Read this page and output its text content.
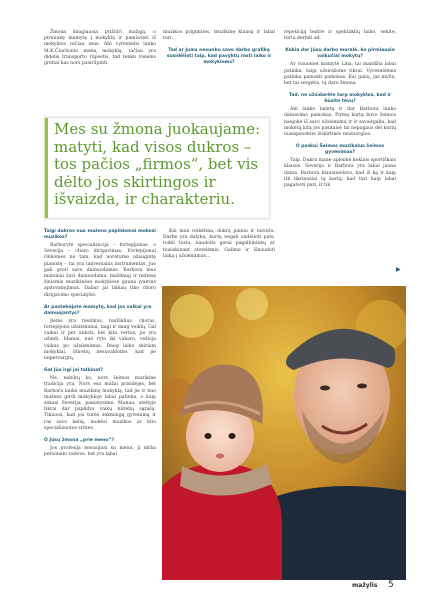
Žmona daugiausia prižiūri mažąją, o pirmiukę mamytę į mokyklą ir pamiwinti iš mokyklos rečiau mus. Abi vyresnėlis lanko M.K.Čiurlionio menų mokyklą, tačiau yra didelis transporto rūpestis, tad tenka visiems greitai kas nors pasirūpinti.

muzikos prigimties, muzikinę klausą ir labai turi.

Tad ar Jums nesunku savo darbo grafiką susidėlioti taip, kad pavyktų rasti laiko ir mokykloms?

repeticiją teatre ir spektaklių laiko, sekite, turiu derinti ad.

Kokia dar Jūsų darbo moralė, ko pirmiausia vaikučiai mokytų?

Ar visuomet mamytė Lina, lai mandžia labai patinka, taigi užsirašome tikrai. Vyresnėlėms patinka pamokti pamokas. Kai galiu, jas myliu, bet tai sergėtis, tą daro žmona.

Tad, ne užsidarėte tarp mokyklos, kad ir būsite tėvų?

Abi lanko baletą ir dar Barbora lanko dainavimo pamokas. Pirmą kartą buvo šeimos naujokė iš savo užsiėmimų ir ir savaitgaliu, kad mokėtų kitą jos pasitaisė tai nepagaus dėl kurių nusispauskite išskirtinės neatsargios.

O paskui Šeimos muzikalus šeimos gyvenimas?

Taip. Dukra mane aplenkė kokiais sportiškais klausis. Severija ir Barbora yra labai jauna daina. Barbora klausinėdavo, kad iš ką ir kaip tik tikriausiai tą kartą, kad turi kaip labai pagalvoti pati, ir tik

▶
Mes su žmona juokaujame: matyti, kad visos dukros – tos pačios „firmos“, bet vis dėlto jos skirtingos ir išvaizda, ir charakteriu.
Taigi dukros nuo mažens papildomai mokosi muzikos?

Barborytė specializacija – fortepijonas, o Severija – choro dirigavimas. Fortepijonui rinkomės ne tam, kad norėtume užaugintę pianistę – tai yra universalus instrumentas, juo gali groti savo dainuodamas. Barbora mus maloniai žavi dainuodama, maždaug ir nutiesę žiniomis muzikinėse mokyklose gauna įvairius apdovanojimus. Dabar jai labiau tiko choro dirigavimo specialybė.

Ar pastebėjote mamytę, kad jos vaikai yra dainuojantys?

Jiems yra riestikus, naršiklius, choras, fortepijono užsiėmimai, taigi ir daug veiklų. Gal vaikai ir per anksti, bet kita vertus, jie yra užimti. Mamai, nuo ryto iki vakaro, vežioja vaikus po užsiėmimus. Daug laiko skiriam mokyklai, būrelių nesuvaldome, kad jie nepervargtų.

Gal Jūs irgi jai talkinat?

Ne, nebūtų ko, nors šeimos muzikinė tradicija yra. Nors esu mažai prisidėjęs, bet Barbora lankė muzikinę mokyklą, tad jie ir nuo mažens girdi mokykloje labai patinka, o kaip sekasi Severija, pamatysime. Manau, ateityje tikrai dar papildys vaikų būrelių sąrašą. Tikiuosi, kad jos turės sėkmingą gyvenimą ir ras savo kelią, mokėsi muzikos ar kito specializuotos srities.

O Jūsų žmona „prie meno“?

Jos profesija nesusijusi su menu, ji dirba personalo vadove, bet yra labai

Kai man reikėtina, dukrą paimu ir nuvežu. Darbe yra dalykų, kurių negali sudėlioti pats, todėl turiu, naudotis gerai pagalbininkų ar nusiskinant stotelėmis. Galime ir išnaudoti laiką į užsiėmimus...

mažylis 5
